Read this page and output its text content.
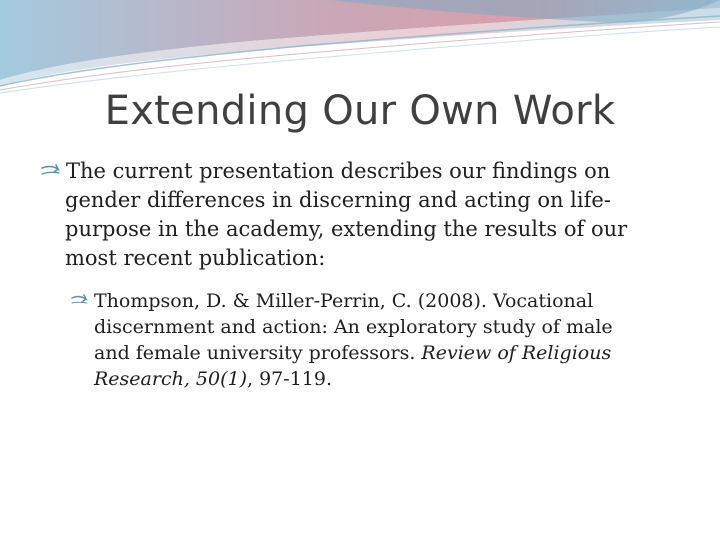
Extending Our Own Work
The current presentation describes our findings on
gender differences in discerning and acting on life-
purpose in the academy, extending the results of our
most recent publication:
Thompson, D. & Miller-Perrin, C. (2008). Vocational
discernment and action: An exploratory study of male
and female university professors. Review of Religious
Research, 50(1), 97-119.
